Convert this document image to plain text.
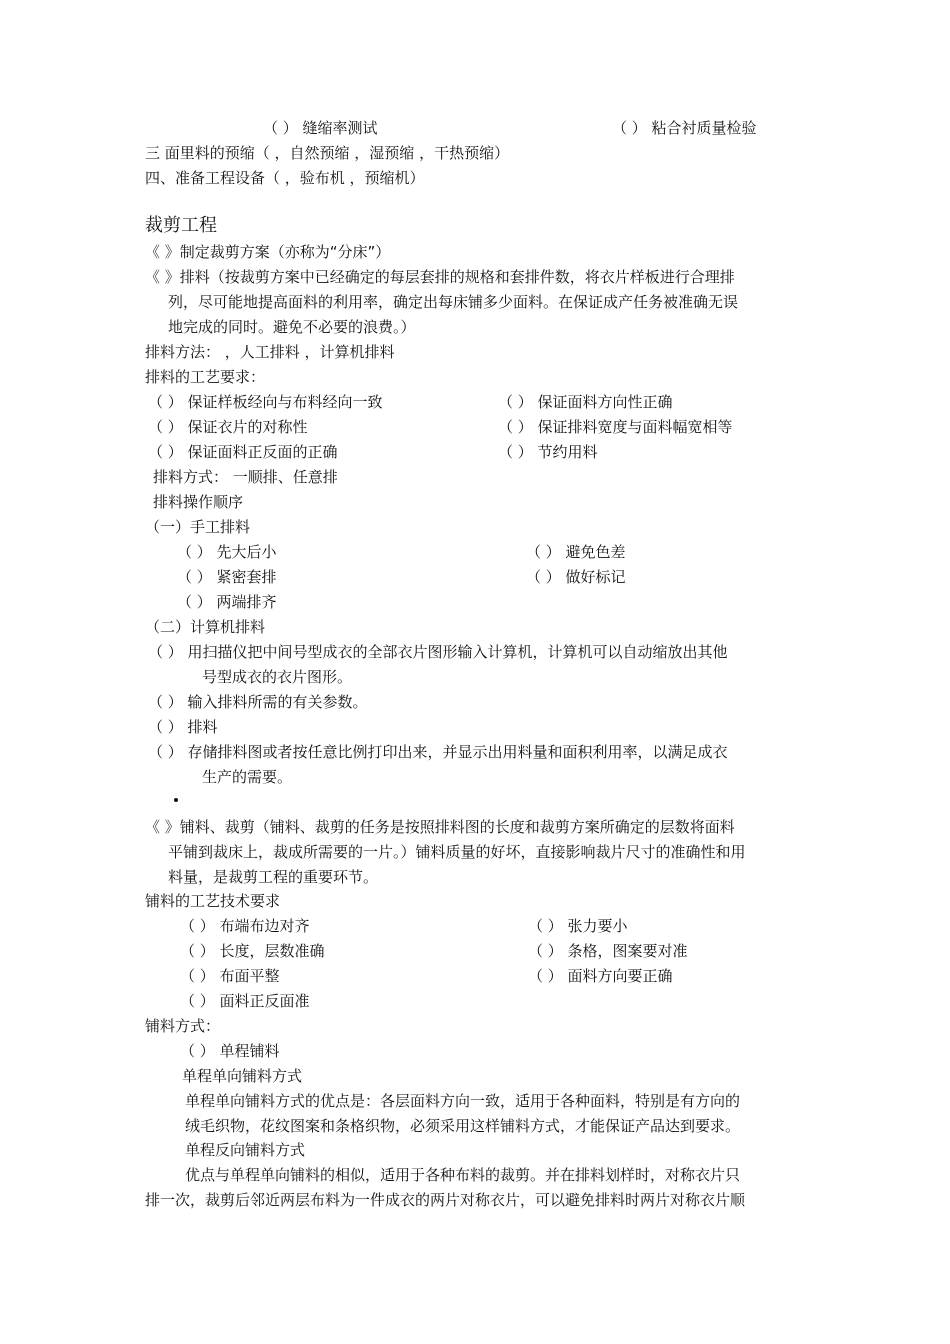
（ ） 缝缩率测试	（ ） 粘合衬质量检验
三 面里料的预缩（ ，自然预缩 ，湿预缩 ，干热预缩）
四、准备工程设备（ ，验布机 ，预缩机）
裁剪工程
《 》制定裁剪方案（亦称为“分床”）
《 》排料（按裁剪方案中已经确定的每层套排的规格和套排件数，将衣片样板进行合理排
列，尽可能地提高面料的利用率，确定出每床铺多少面料。在保证成产任务被准确无误
地完成的同时。避免不必要的浪费。）
排料方法： ，人工排料 ，计算机排料
排料的工艺要求：
（ ） 保证样板经向与布料经向一致	（ ） 保证面料方向性正确
（ ） 保证衣片的对称性	（ ） 保证排料宽度与面料幅宽相等
（ ） 保证面料正反面的正确	（ ） 节约用料
排料方式： 一顺排、任意排
排料操作顺序
（一）手工排料
（ ） 先大后小	（ ） 避免色差
（ ） 紧密套排	（ ） 做好标记
（ ） 两端排齐
（二）计算机排料
（ ） 用扫描仪把中间号型成衣的全部衣片图形输入计算机，计算机可以自动缩放出其他
号型成衣的衣片图形。
（ ） 输入排料所需的有关参数。
（ ） 排料
（ ） 存储排料图或者按任意比例打印出来，并显示出用料量和面积利用率，以满足成衣
生产的需要。
《 》铺料、裁剪（铺料、裁剪的任务是按照排料图的长度和裁剪方案所确定的层数将面料
平铺到裁床上，裁成所需要的一片。）铺料质量的好坏，直接影响裁片尺寸的准确性和用
料量，是裁剪工程的重要环节。
铺料的工艺技术要求
（ ） 布端布边对齐	（ ） 张力要小
（ ） 长度，层数准确	（ ） 条格，图案要对准
（ ） 布面平整	（ ） 面料方向要正确
（ ） 面料正反面准
铺料方式：
（ ） 单程铺料
单程单向铺料方式
单程单向铺料方式的优点是：各层面料方向一致，适用于各种面料，特别是有方向的
绒毛织物，花纹图案和条格织物，必须采用这样铺料方式，才能保证产品达到要求。
单程反向铺料方式
优点与单程单向铺料的相似，适用于各种布料的裁剪。并在排料划样时，对称衣片只
排一次，裁剪后邻近两层布料为一件成衣的两片对称衣片，可以避免排料时两片对称衣片顺
